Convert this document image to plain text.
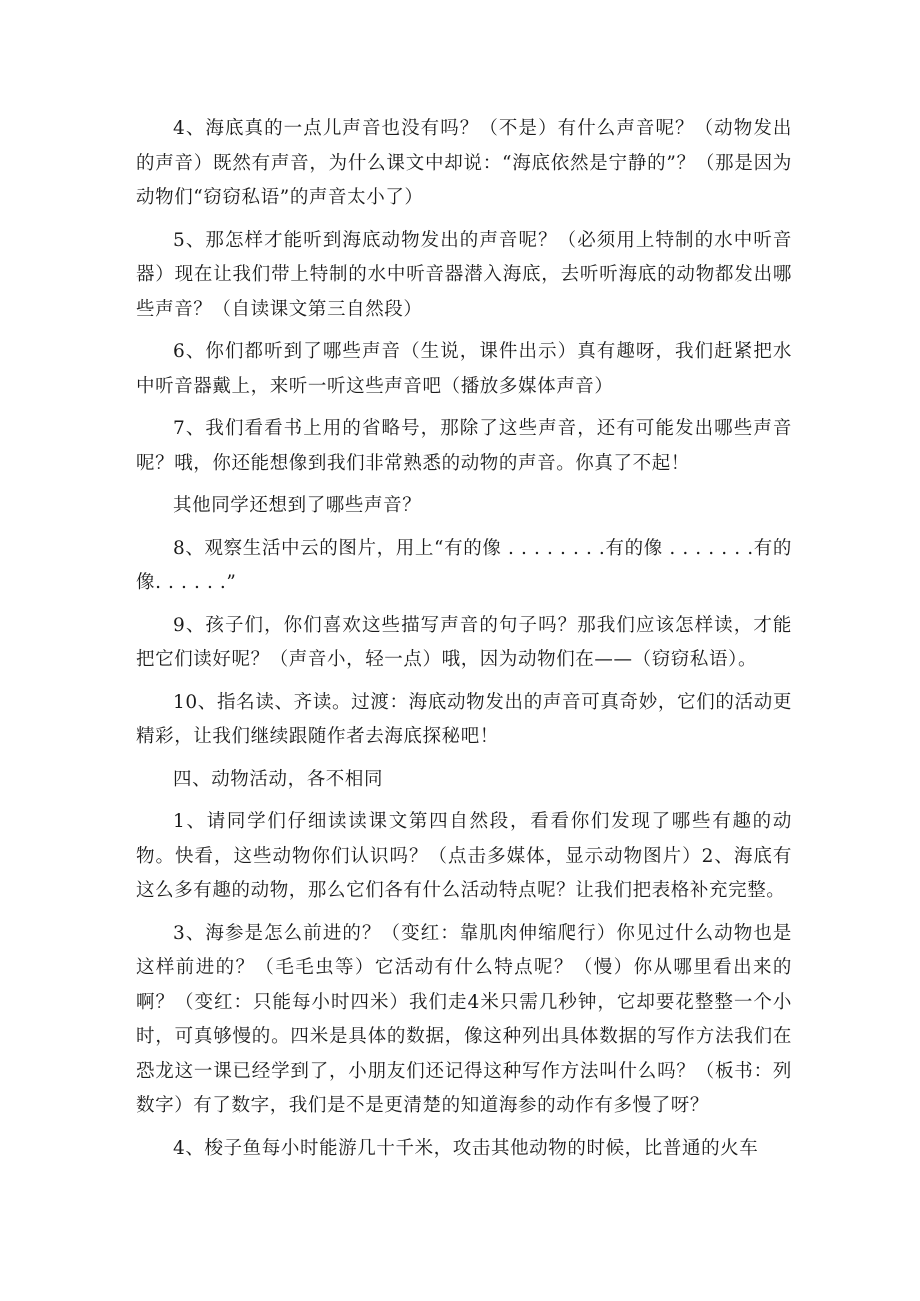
4、海底真的一点儿声音也没有吗？（不是）有什么声音呢？（动物发出的声音）既然有声音，为什么课文中却说：“海底依然是宁静的”？（那是因为动物们“窃窃私语”的声音太小了）

5、那怎样才能听到海底动物发出的声音呢？（必须用上特制的水中听音器）现在让我们带上特制的水中听音器潜入海底，去听听海底的动物都发出哪些声音？（自读课文第三自然段）

6、你们都听到了哪些声音（生说，课件出示）真有趣呀，我们赶紧把水中听音器戴上，来听一听这些声音吧（播放多媒体声音）

7、我们看看书上用的省略号，那除了这些声音，还有可能发出哪些声音呢？哦，你还能想像到我们非常熟悉的动物的声音。你真了不起！

其他同学还想到了哪些声音？

8、观察生活中云的图片，用上“有的像 . . . . . . . .有的像 . . . . . . .有的像. . . . . .”

9、孩子们，你们喜欢这些描写声音的句子吗？那我们应该怎样读，才能把它们读好呢？（声音小，轻一点）哦，因为动物们在——（窃窃私语）。

10、指名读、齐读。过渡：海底动物发出的声音可真奇妙，它们的活动更精彩，让我们继续跟随作者去海底探秘吧！

四、动物活动，各不相同

1、请同学们仔细读读课文第四自然段，看看你们发现了哪些有趣的动物。快看，这些动物你们认识吗？（点击多媒体，显示动物图片）2、海底有这么多有趣的动物，那么它们各有什么活动特点呢？让我们把表格补充完整。

3、海参是怎么前进的？（变红：靠肌肉伸缩爬行）你见过什么动物也是这样前进的？（毛毛虫等）它活动有什么特点呢？（慢）你从哪里看出来的啊？（变红：只能每小时四米）我们走4米只需几秒钟，它却要花整整一个小时，可真够慢的。四米是具体的数据，像这种列出具体数据的写作方法我们在恐龙这一课已经学到了，小朋友们还记得这种写作方法叫什么吗？（板书：列数字）有了数字，我们是不是更清楚的知道海参的动作有多慢了呀？

4、梭子鱼每小时能游几十千米，攻击其他动物的时候，比普通的火车
